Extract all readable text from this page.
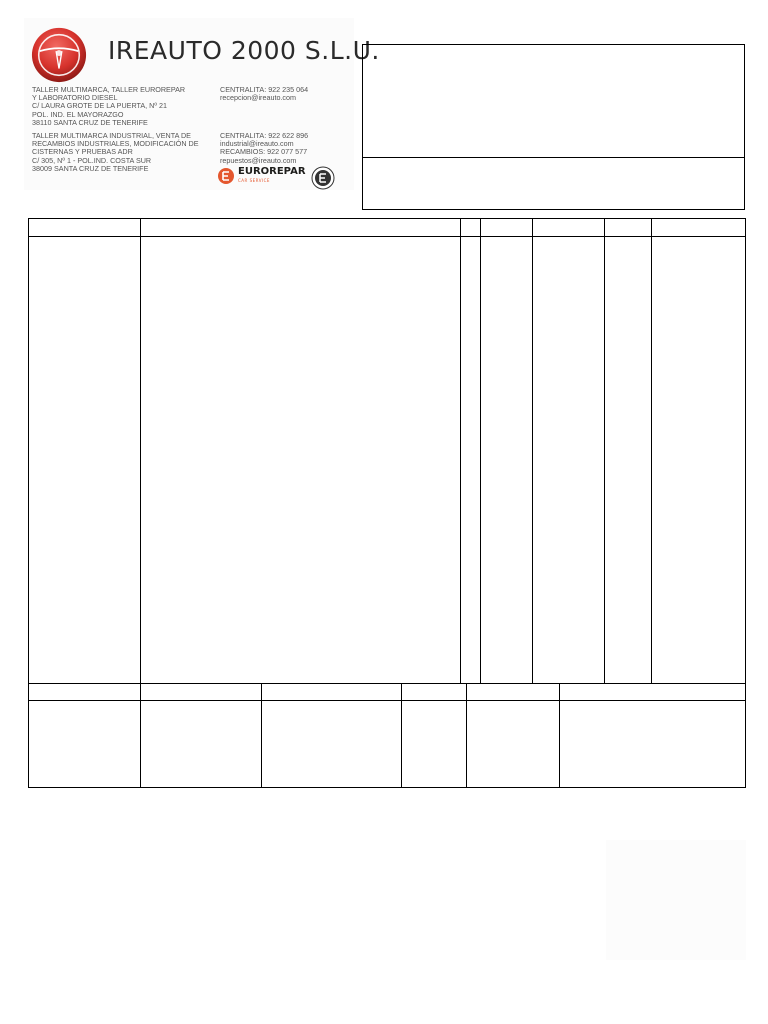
IREAUTO 2000 S.L.U.
TALLER MULTIMARCA, TALLER EUROREPAR
Y LABORATORIO DIESEL
C/ LAURA GROTE DE LA PUERTA, Nº 21
POL. IND. EL MAYORAZGO
38110 SANTA CRUZ DE TENERIFE
CENTRALITA: 922 235 064
recepcion@ireauto.com
TALLER MULTIMARCA INDUSTRIAL, VENTA DE
RECAMBIOS INDUSTRIALES, MODIFICACIÓN DE
CISTERNAS Y PRUEBAS ADR
C/ 305, Nº 1 - POL.IND. COSTA SUR
38009 SANTA CRUZ DE TENERIFE
CENTRALITA: 922 622 896
industrial@ireauto.com
RECAMBIOS: 922 077 577
repuestos@ireauto.com
EUROREPAR
CAR SERVICE
